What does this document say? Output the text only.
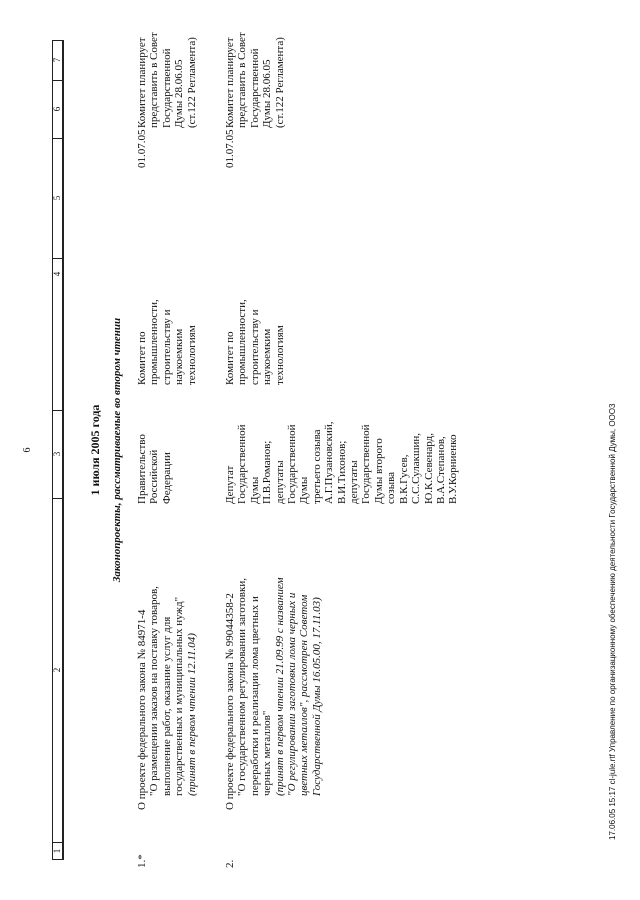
6
1
2
3
4
5
6
7
1 июля 2005 года Законопроекты, рассматриваемые во втором чтении
1.*
О проекте федерального закона № 84971-4 "О размещении заказов на поставку товаров, выполнение работ, оказание услуг для государственных и муниципальных нужд" (принят в первом чтении 12.11.04)
Правительство Российской Федерации
Комитет по промышленности, строительству и наукоемким технологиям
01.07.05
Комитет планирует представить в Совет Государственной Думы 28.06.05 (ст.122 Регламента)
2.
О проекте федерального закона № 99044358-2 "О государственном регулировании заготовки, переработки и реализации лома цветных и черных металлов" (принят в первом чтении 21.09.99 с названием "О регулировании заготовки лома черных и цветных металлов", рассмотрен Советом Государственной Думы 16.05.00, 17.11.03)
Депутат Государственной Думы П.В.Романов; депутаты Государственной Думы третьего созыва А.Г.Пузановский, В.И.Тихонов; депутаты Государственной Думы второго созыва В.К.Гусев, С.С.Сулакшин, Ю.К.Севенард, В.А.Степанов, В.У.Корниенко
Комитет по промышленности, строительству и наукоемким технологиям
01.07.05
Комитет планирует представить в Совет Государственной Думы 28.06.05 (ст.122 Регламента)
17.06.05 15:17 cl-jule.rtf Управление по организационному обеспечению деятельности Государственной Думы, ООО3
